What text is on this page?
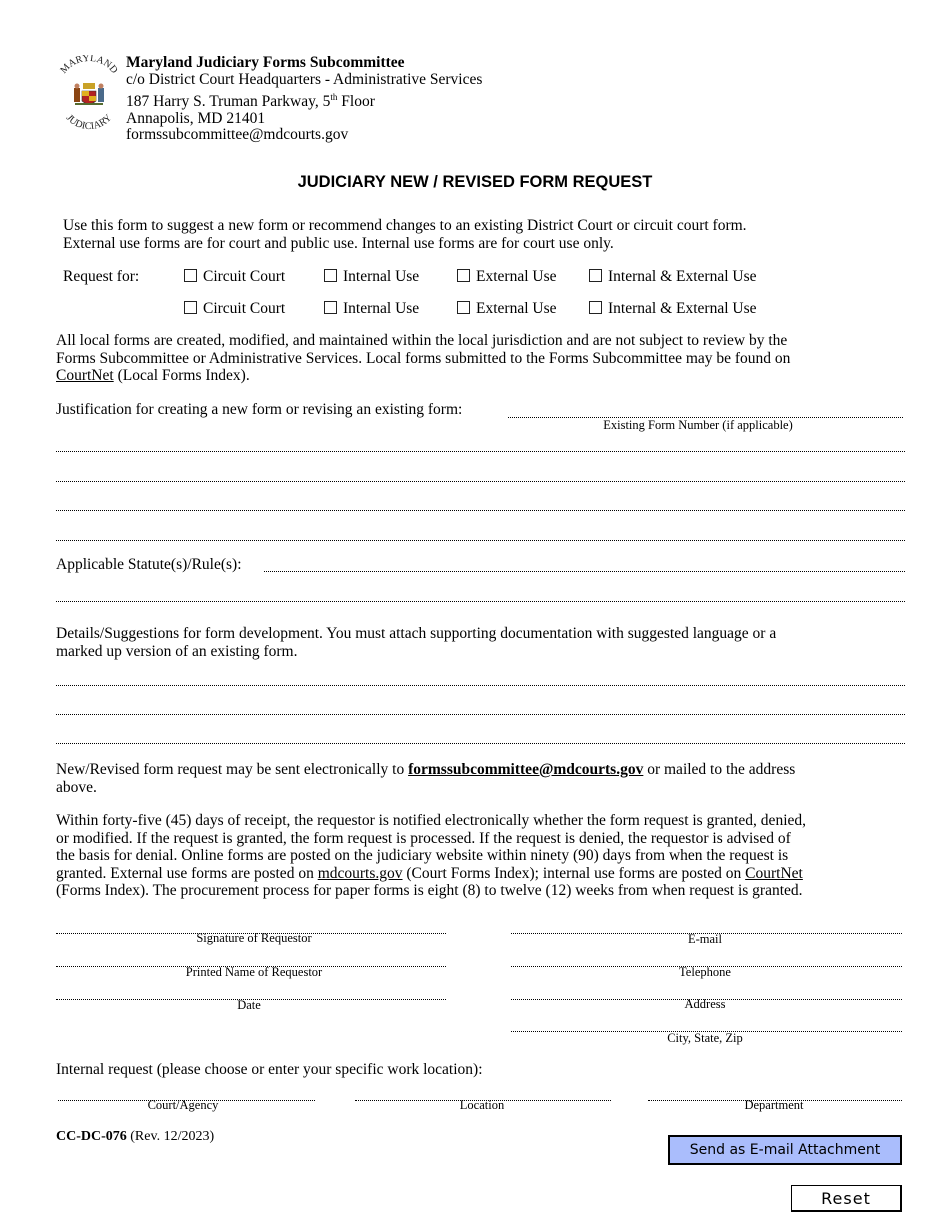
MARYLAND
JUDICIARY
Maryland Judiciary Forms Subcommittee
c/o District Court Headquarters - Administrative Services
187 Harry S. Truman Parkway, 5th Floor
Annapolis, MD 21401
formssubcommittee@mdcourts.gov
JUDICIARY NEW / REVISED FORM REQUEST
Use this form to suggest a new form or recommend changes to an existing District Court or circuit court form.
External use forms are for court and public use. Internal use forms are for court use only.
Request for:	Circuit Court	Internal Use	External Use	Internal & External Use
Circuit Court	Internal Use	External Use	Internal & External Use
All local forms are created, modified, and maintained within the local jurisdiction and are not subject to review by the
Forms Subcommittee or Administrative Services. Local forms submitted to the Forms Subcommittee may be found on
CourtNet (Local Forms Index).
Justification for creating a new form or revising an existing form:
Existing Form Number (if applicable)
Applicable Statute(s)/Rule(s):
Details/Suggestions for form development. You must attach supporting documentation with suggested language or a
marked up version of an existing form.
New/Revised form request may be sent electronically to formssubcommittee@mdcourts.gov or mailed to the address
above.
Within forty-five (45) days of receipt, the requestor is notified electronically whether the form request is granted, denied,
or modified. If the request is granted, the form request is processed. If the request is denied, the requestor is advised of
the basis for denial. Online forms are posted on the judiciary website within ninety (90) days from when the request is
granted. External use forms are posted on mdcourts.gov (Court Forms Index); internal use forms are posted on CourtNet
(Forms Index). The procurement process for paper forms is eight (8) to twelve (12) weeks from when request is granted.
Signature of Requestor
Printed Name of Requestor
Date
E-mail
Telephone
Address
City, State, Zip
Internal request (please choose or enter your specific work location):
Court/Agency	Location	Department
CC-DC-076 (Rev. 12/2023)
Send as E-mail Attachment
Reset
